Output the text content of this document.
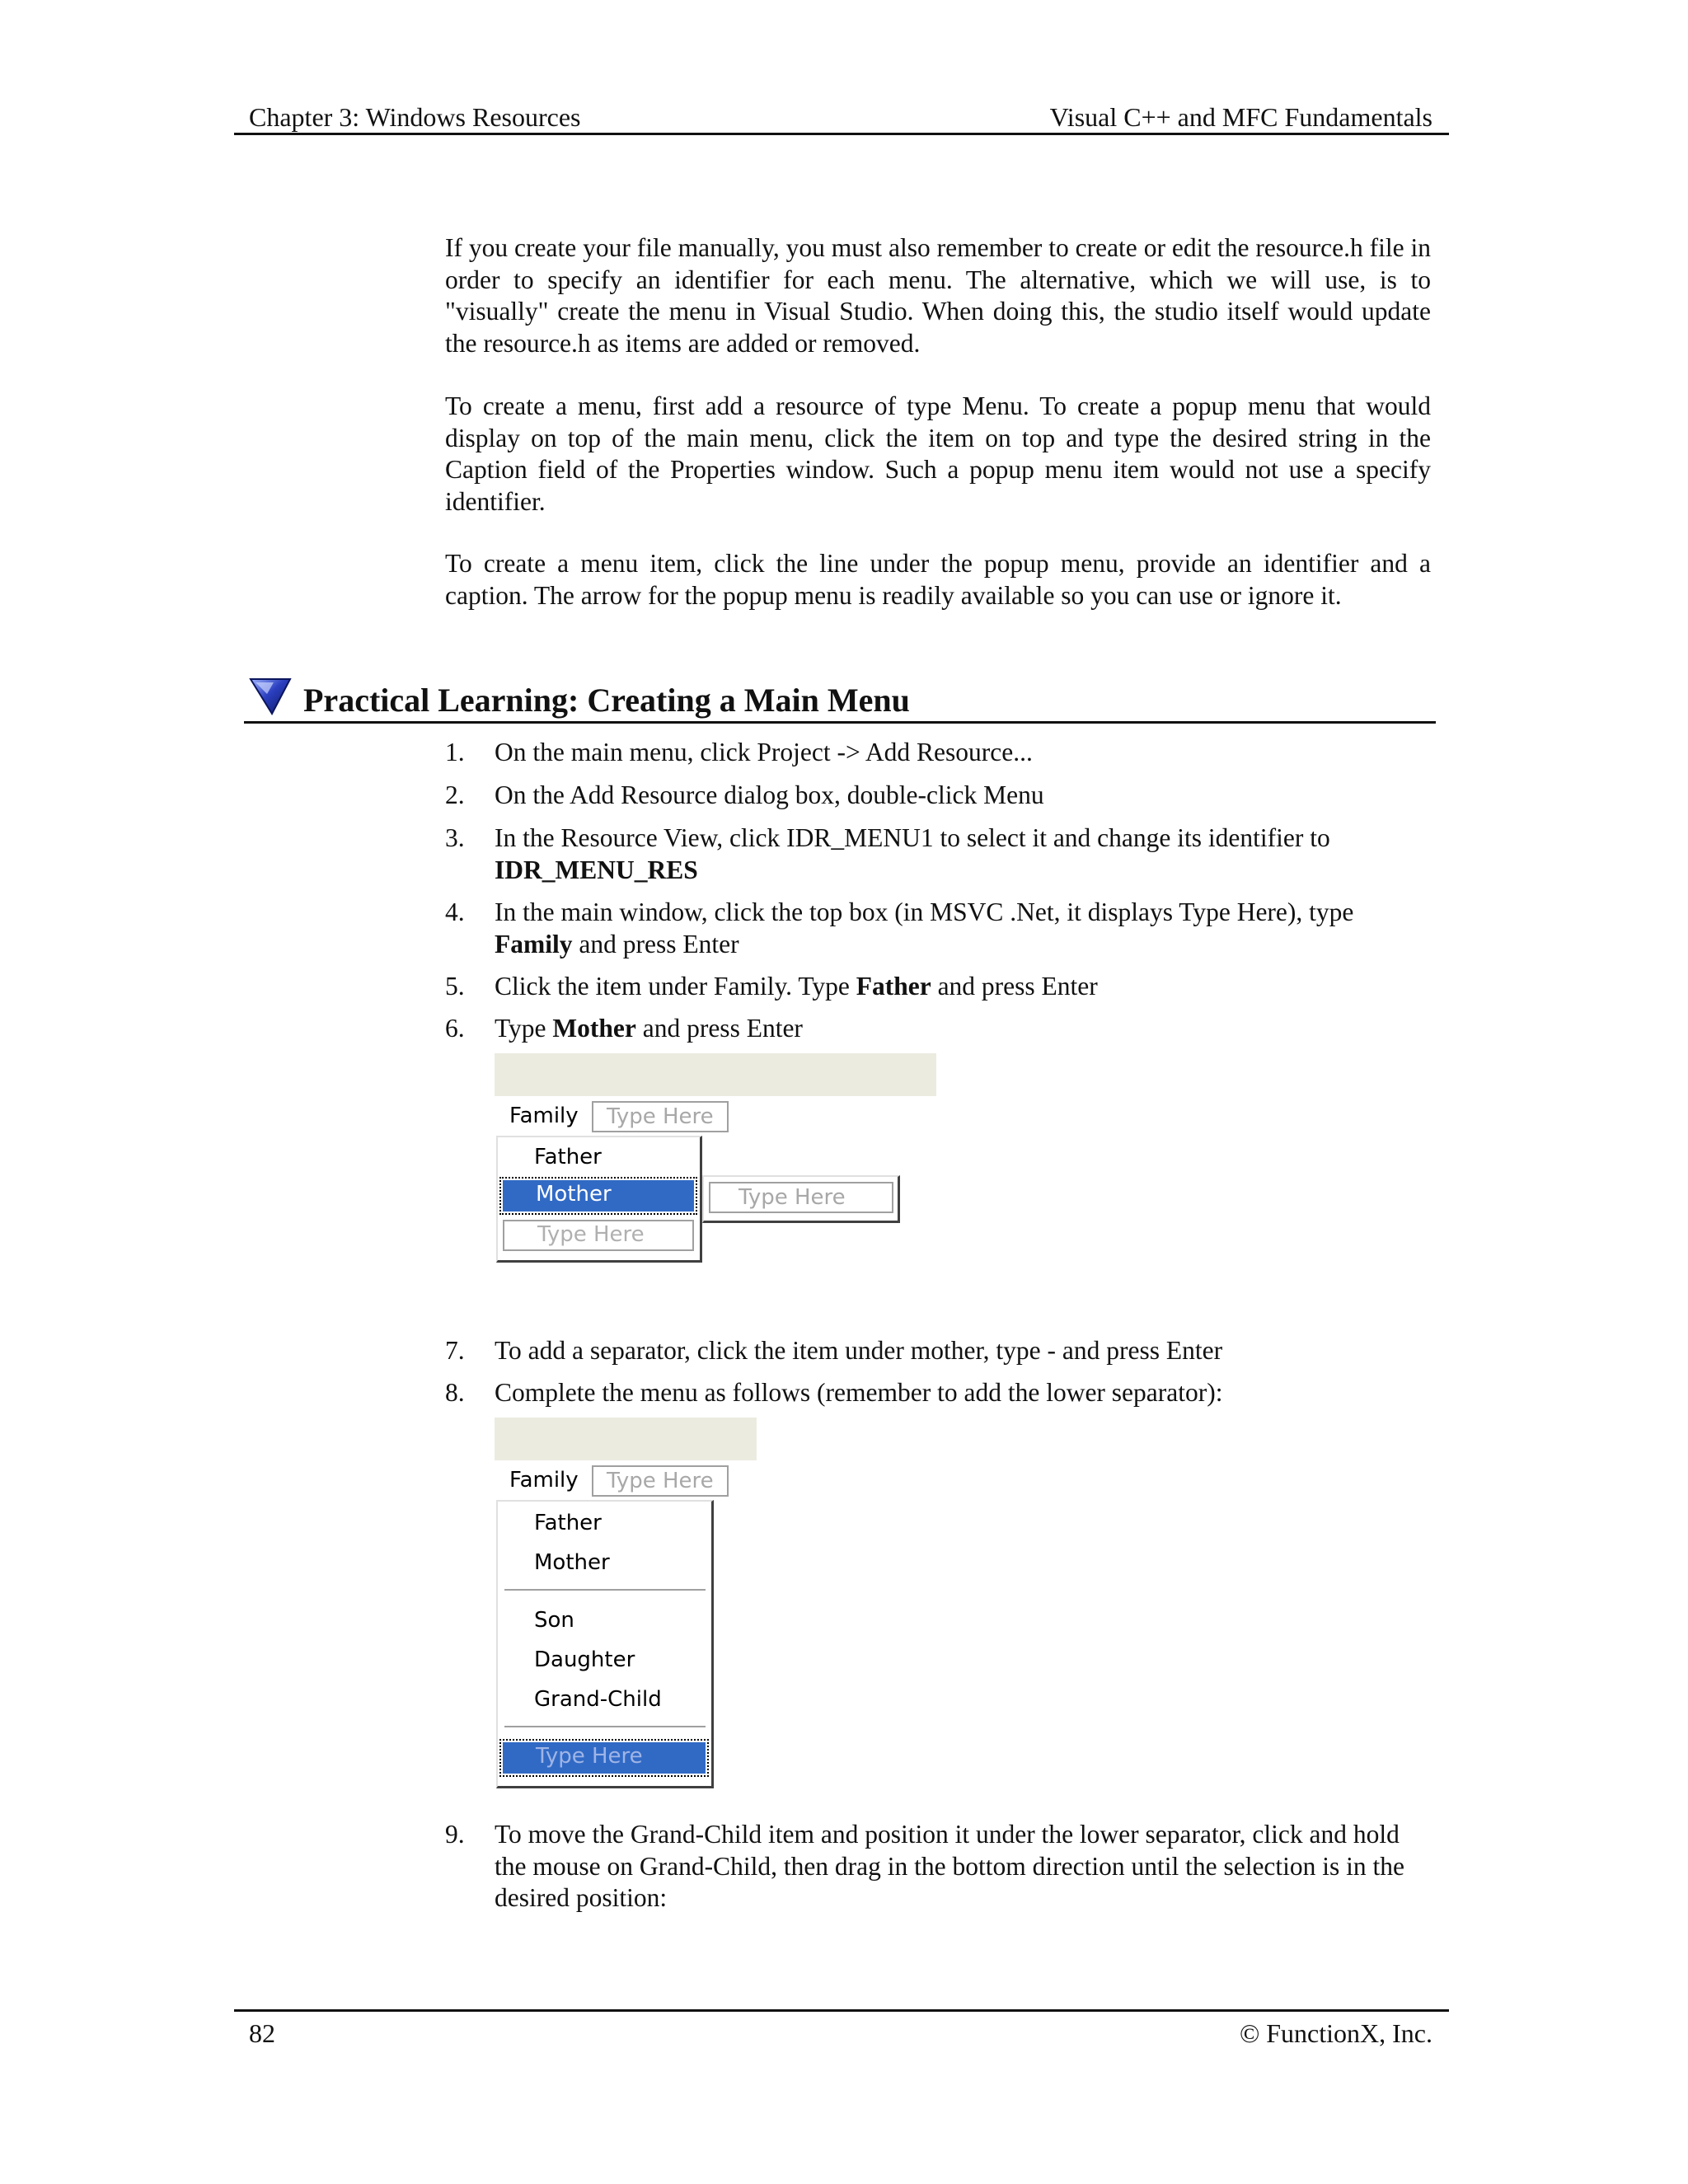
Chapter 3: Windows Resources	Visual C++ and MFC Fundamentals

If you create your file manually, you must also remember to create or edit the resource.h file in order to specify an identifier for each menu. The alternative, which we will use, is to "visually" create the menu in Visual Studio. When doing this, the studio itself would update the resource.h as items are added or removed.

To create a menu, first add a resource of type Menu. To create a popup menu that would display on top of the main menu, click the item on top and type the desired string in the Caption field of the Properties window. Such a popup menu item would not use a specify identifier.

To create a menu item, click the line under the popup menu, provide an identifier and a caption. The arrow for the popup menu is readily available so you can use or ignore it.

Practical Learning: Creating a Main Menu
1. On the main menu, click Project -> Add Resource...
2. On the Add Resource dialog box, double-click Menu
3. In the Resource View, click IDR_MENU1 to select it and change its identifier to IDR_MENU_RES
4. In the main window, click the top box (in MSVC .Net, it displays Type Here), type Family and press Enter
5. Click the item under Family. Type Father and press Enter
6. Type Mother and press Enter
Family	Type Here
Father
Mother
Type Here
Type Here
7. To add a separator, click the item under mother, type - and press Enter
8. Complete the menu as follows (remember to add the lower separator):
Family	Type Here
Father
Mother
Son
Daughter
Grand-Child
Type Here
9. To move the Grand-Child item and position it under the lower separator, click and hold the mouse on Grand-Child, then drag in the bottom direction until the selection is in the desired position:
82	© FunctionX, Inc.
